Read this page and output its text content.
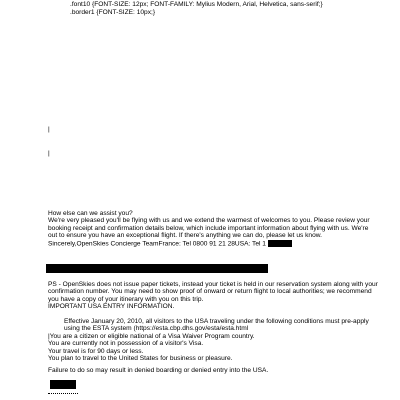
.font10 {FONT-SIZE: 12px; FONT-FAMILY: Mylius Modern, Arial, Helvetica, sans-serif;}
.border1 {FONT-SIZE: 10px;}
|
|
How else can we assist you?
We're very pleased you'll be flying with us and we extend the warmest of welcomes to you. Please review your booking receipt and confirmation details below, which include important information about flying with us. We're out to ensure you have an exceptional flight. If there's anything we can do, please let us know.
Sincerely,OpenSkies Concierge TeamFrance: Tel 0800 91 21 28USA: Tel 1
PS - OpenSkies does not issue paper tickets, instead your ticket is held in our reservation system along with your confirmation number. You may need to show proof of onward or return flight to local authorities; we recommend you have a copy of your itinerary with you on this trip.
IMPORTANT USA ENTRY INFORMATION.
Effective January 20, 2010, all visitors to the USA traveling under the following conditions must pre-apply using the ESTA system (https://esta.cbp.dhs.gov/esta/esta.html
|You are a citizen or eligible national of a Visa Waiver Program country.
You are currently not in possession of a visitor's Visa.
Your travel is for 90 days or less.
You plan to travel to the United States for business or pleasure.
Failure to do so may result in denied boarding or denied entry into the USA.
